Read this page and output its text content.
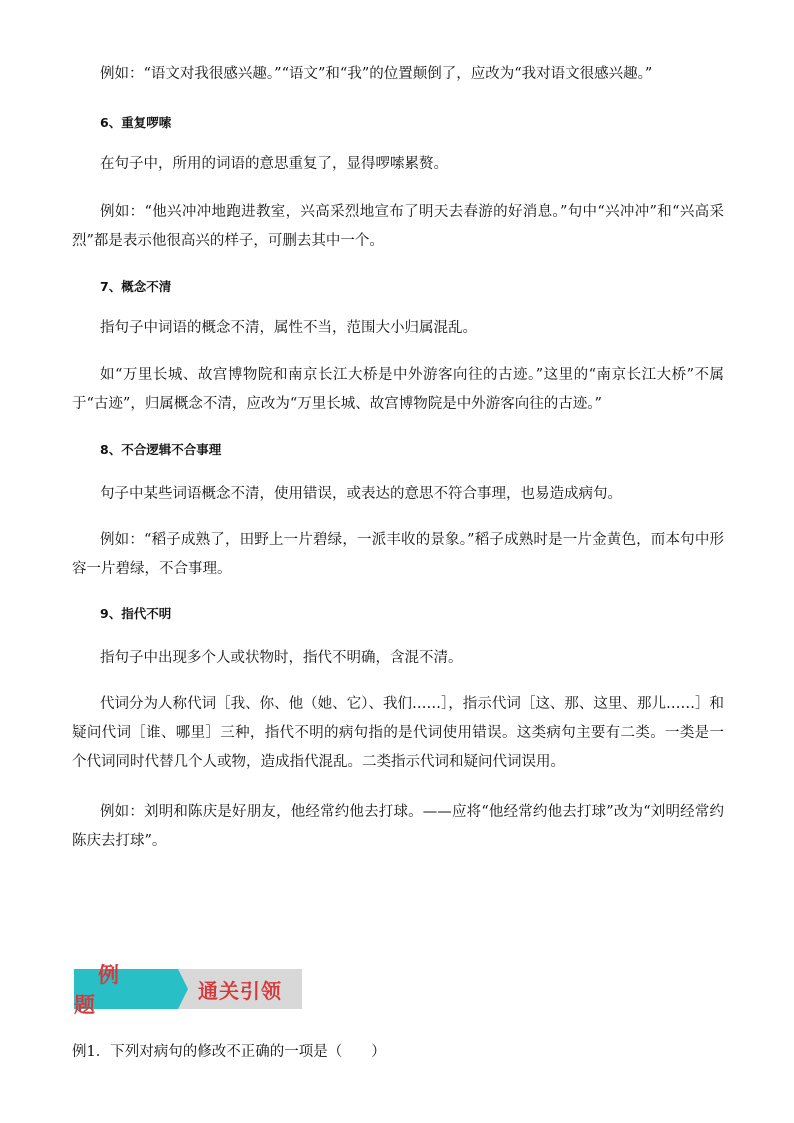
例如：“语文对我很感兴趣。”“语文”和“我”的位置颠倒了，应改为“我对语文很感兴趣。”

6、重复啰嗦

在句子中，所用的词语的意思重复了，显得啰嗦累赘。

例如：“他兴冲冲地跑进教室，兴高采烈地宣布了明天去春游的好消息。”句中“兴冲冲”和“兴高采烈”都是表示他很高兴的样子，可删去其中一个。

7、概念不清

指句子中词语的概念不清，属性不当，范围大小归属混乱。

如“万里长城、故宫博物院和南京长江大桥是中外游客向往的古迹。”这里的“南京长江大桥”不属于“古迹”，归属概念不清，应改为“万里长城、故宫博物院是中外游客向往的古迹。”

8、不合逻辑不合事理

句子中某些词语概念不清，使用错误，或表达的意思不符合事理，也易造成病句。

例如：“稻子成熟了，田野上一片碧绿，一派丰收的景象。”稻子成熟时是一片金黄色，而本句中形容一片碧绿，不合事理。

9、指代不明

指句子中出现多个人或状物时，指代不明确，含混不清。

代词分为人称代词［我、你、他（她、它）、我们……］，指示代词［这、那、这里、那儿……］和疑问代词［谁、哪里］三种，指代不明的病句指的是代词使用错误。这类病句主要有二类。一类是一个代词同时代替几个人或物，造成指代混乱。二类指示代词和疑问代词误用。

例如：刘明和陈庆是好朋友，他经常约他去打球。——应将“他经常约他去打球”改为“刘明经常约陈庆去打球”。

例题
通关引领

例1．下列对病句的修改不正确的一项是（　　）
